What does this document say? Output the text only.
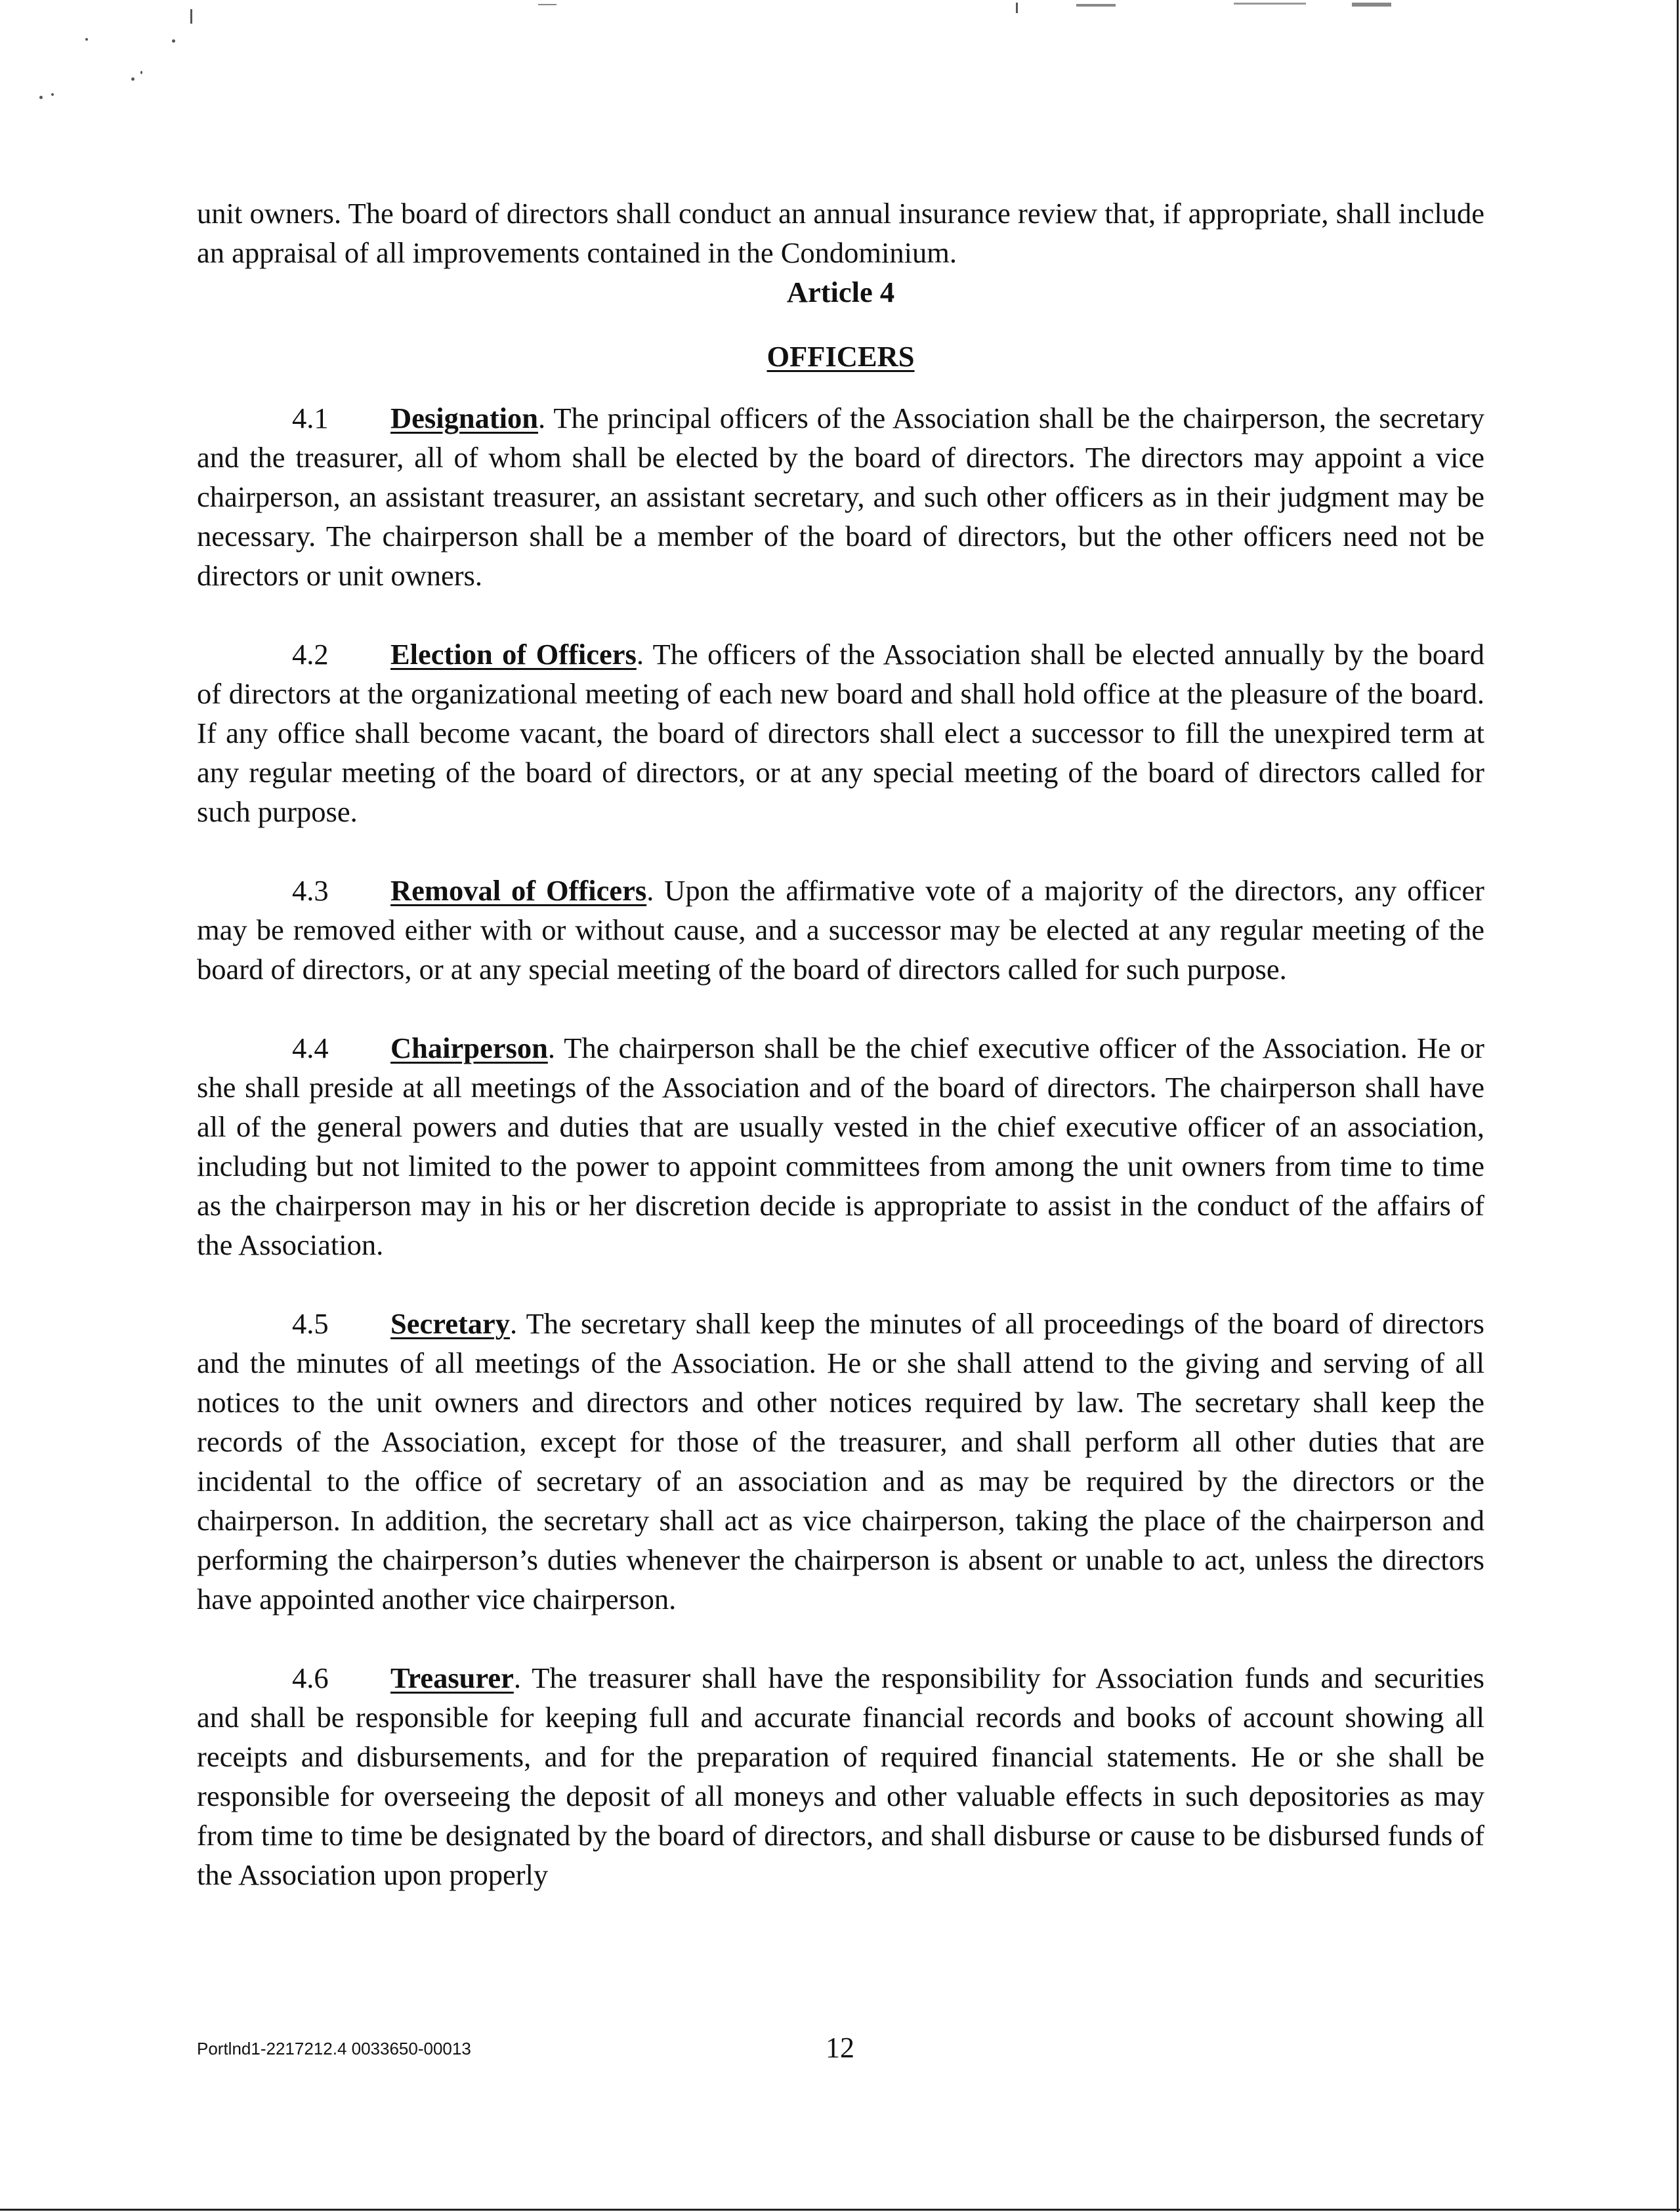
unit owners. The board of directors shall conduct an annual insurance review that, if appropriate, shall include an appraisal of all improvements contained in the Condominium.

Article 4

OFFICERS

4.1 Designation. The principal officers of the Association shall be the chairperson, the secretary and the treasurer, all of whom shall be elected by the board of directors. The directors may appoint a vice chairperson, an assistant treasurer, an assistant secretary, and such other officers as in their judgment may be necessary. The chairperson shall be a member of the board of directors, but the other officers need not be directors or unit owners.

4.2 Election of Officers. The officers of the Association shall be elected annually by the board of directors at the organizational meeting of each new board and shall hold office at the pleasure of the board. If any office shall become vacant, the board of directors shall elect a successor to fill the unexpired term at any regular meeting of the board of directors, or at any special meeting of the board of directors called for such purpose.

4.3 Removal of Officers. Upon the affirmative vote of a majority of the directors, any officer may be removed either with or without cause, and a successor may be elected at any regular meeting of the board of directors, or at any special meeting of the board of directors called for such purpose.

4.4 Chairperson. The chairperson shall be the chief executive officer of the Association. He or she shall preside at all meetings of the Association and of the board of directors. The chairperson shall have all of the general powers and duties that are usually vested in the chief executive officer of an association, including but not limited to the power to appoint committees from among the unit owners from time to time as the chairperson may in his or her discretion decide is appropriate to assist in the conduct of the affairs of the Association.

4.5 Secretary. The secretary shall keep the minutes of all proceedings of the board of directors and the minutes of all meetings of the Association. He or she shall attend to the giving and serving of all notices to the unit owners and directors and other notices required by law. The secretary shall keep the records of the Association, except for those of the treasurer, and shall perform all other duties that are incidental to the office of secretary of an association and as may be required by the directors or the chairperson. In addition, the secretary shall act as vice chairperson, taking the place of the chairperson and performing the chairperson’s duties whenever the chairperson is absent or unable to act, unless the directors have appointed another vice chairperson.

4.6 Treasurer. The treasurer shall have the responsibility for Association funds and securities and shall be responsible for keeping full and accurate financial records and books of account showing all receipts and disbursements, and for the preparation of required financial statements. He or she shall be responsible for overseeing the deposit of all moneys and other valuable effects in such depositories as may from time to time be designated by the board of directors, and shall disburse or cause to be disbursed funds of the Association upon properly

Portlnd1-2217212.4 0033650-00013	12
